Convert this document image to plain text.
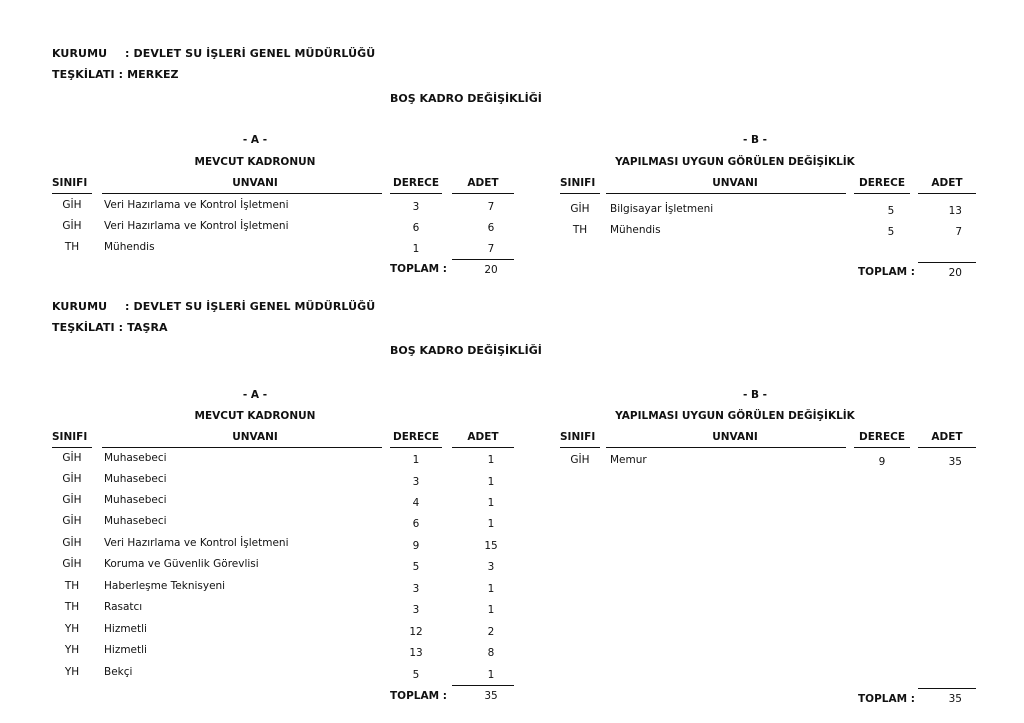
KURUMU : DEVLET SU İŞLERİ GENEL MÜDÜRLÜĞÜ
TEŞKİLATI : MERKEZ
BOŞ KADRO DEĞİŞİKLİĞİ
- A -
MEVCUT KADRONUN
SINIFI	UNVANI	DERECE	ADET
GİH	Veri Hazırlama ve Kontrol İşletmeni	3	7
GİH	Veri Hazırlama ve Kontrol İşletmeni	6	6
TH	Mühendis	1	7
TOPLAM :	20
- B -
YAPILMASI UYGUN GÖRÜLEN DEĞİŞİKLİK
SINIFI	UNVANI	DERECE	ADET
GİH	Bilgisayar İşletmeni	5	13
TH	Mühendis	5	7
TOPLAM :	20
KURUMU : DEVLET SU İŞLERİ GENEL MÜDÜRLÜĞÜ
TEŞKİLATI : TAŞRA
BOŞ KADRO DEĞİŞİKLİĞİ
- A -
MEVCUT KADRONUN
SINIFI	UNVANI	DERECE	ADET
GİH	Muhasebeci	1	1
GİH	Muhasebeci	3	1
GİH	Muhasebeci	4	1
GİH	Muhasebeci	6	1
GİH	Veri Hazırlama ve Kontrol İşletmeni	9	15
GİH	Koruma ve Güvenlik Görevlisi	5	3
TH	Haberleşme Teknisyeni	3	1
TH	Rasatcı	3	1
YH	Hizmetli	12	2
YH	Hizmetli	13	8
YH	Bekçi	5	1
TOPLAM :	35
- B -
YAPILMASI UYGUN GÖRÜLEN DEĞİŞİKLİK
SINIFI	UNVANI	DERECE	ADET
GİH	Memur	9	35
TOPLAM :	35
